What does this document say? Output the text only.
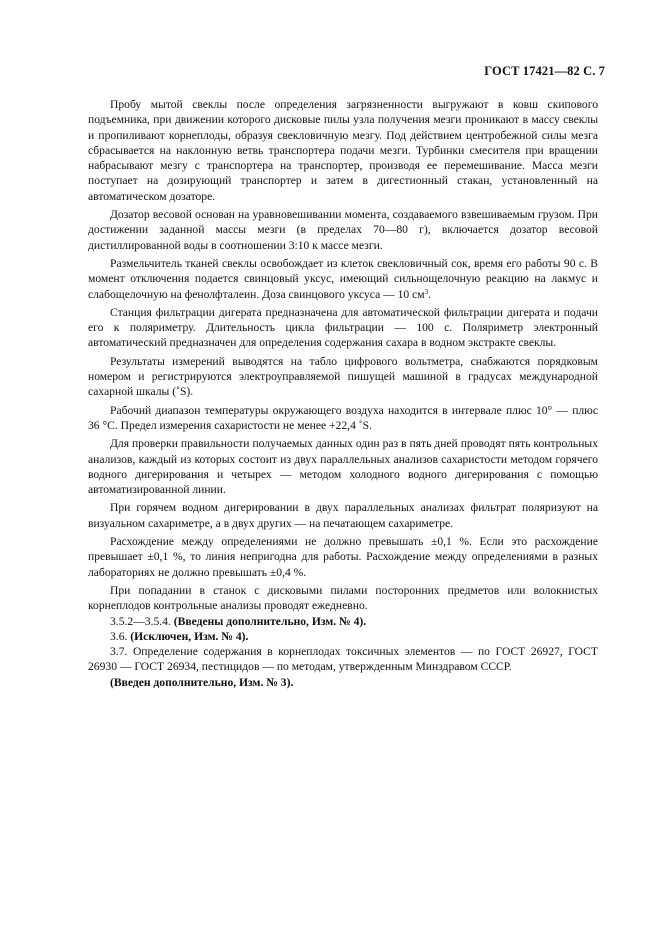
ГОСТ 17421—82 С. 7

Пробу мытой свеклы после определения загрязненности выгружают в ковш скипового подъемника, при движении которого дисковые пилы узла получения мезги проникают в массу свеклы и пропиливают корнеплоды, образуя свекловичную мезгу. Под действием центробежной силы мезга сбрасывается на наклонную ветвь транспортера подачи мезги. Турбинки смесителя при вращении набрасывают мезгу с транспортера на транспортер, производя ее перемешивание. Масса мезги поступает на дозирующий транспортер и затем в дигестионный стакан, установленный на автоматическом дозаторе.

Дозатор весовой основан на уравновешивании момента, создаваемого взвешиваемым грузом. При достижении заданной массы мезги (в пределах 70—80 г), включается дозатор весовой дистиллированной воды в соотношении 3:10 к массе мезги.

Размельчитель тканей свеклы освобождает из клеток свекловичный сок, время его работы 90 с. В момент отключения подается свинцовый уксус, имеющий сильнощелочную реакцию на лакмус и слабощелочную на фенолфталеин. Доза свинцового уксуса — 10 $см^3$.

Станция фильтрации дигерата предназначена для автоматической фильтрации дигерата и подачи его к поляриметру. Длительность цикла фильтрации — 100 с. Поляриметр электронный автоматический предназначен для определения содержания сахара в водном экстракте свеклы.

Результаты измерений выводятся на табло цифрового вольтметра, снабжаются порядковым номером и регистрируются электроуправляемой пишущей машиной в градусах международной сахарной шкалы (˚S).

Рабочий диапазон температуры окружающего воздуха находится в интервале плюс 10° — плюс 36 °С. Предел измерения сахаристости не менее +22,4 ˚S.

Для проверки правильности получаемых данных один раз в пять дней проводят пять контрольных анализов, каждый из которых состоит из двух параллельных анализов сахаристости методом горячего водного дигерирования и четырех — методом холодного водного дигерирования с помощью автоматизированной линии.

При горячем водном дигерировании в двух параллельных анализах фильтрат поляризуют на визуальном сахариметре, а в двух других — на печатающем сахариметре.

Расхождение между определениями не должно превышать ±0,1 %. Если это расхождение превышает ±0,1 %, то линия непригодна для работы. Расхождение между определениями в разных лабораториях не должно превышать ±0,4 %.

При попадании в станок с дисковыми пилами посторонних предметов или волокнистых корнеплодов контрольные анализы проводят ежедневно.

3.5.2—3.5.4. (Введены дополнительно, Изм. № 4).

3.6. (Исключен, Изм. № 4).

3.7. Определение содержания в корнеплодах токсичных элементов — по ГОСТ 26927, ГОСТ 26930 — ГОСТ 26934, пестицидов — по методам, утвержденным Минздравом СССР.

(Введен дополнительно, Изм. № 3).
